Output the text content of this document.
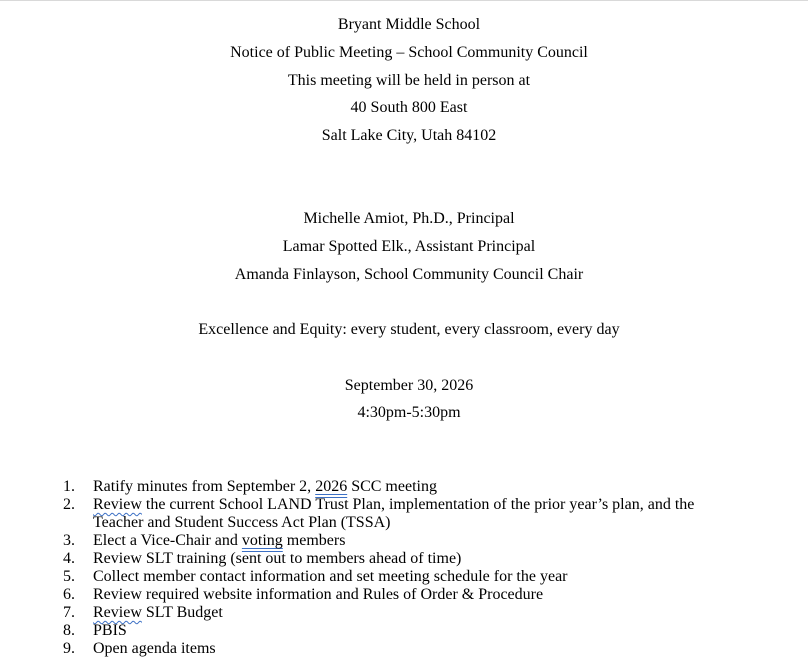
Bryant Middle School
Notice of Public Meeting – School Community Council
This meeting will be held in person at
40 South 800 East
Salt Lake City, Utah 84102
Michelle Amiot, Ph.D., Principal
Lamar Spotted Elk., Assistant Principal
Amanda Finlayson, School Community Council Chair
Excellence and Equity: every student, every classroom, every day
September 30, 2026
4:30pm-5:30pm
1.	Ratify minutes from September 2, 2026 SCC meeting
2.	Review the current School LAND Trust Plan, implementation of the prior year’s plan, and the
Teacher and Student Success Act Plan (TSSA)
3.	Elect a Vice-Chair and voting members
4.	Review SLT training (sent out to members ahead of time)
5.	Collect member contact information and set meeting schedule for the year
6.	Review required website information and Rules of Order & Procedure
7.	Review SLT Budget
8.	PBIS
9.	Open agenda items
